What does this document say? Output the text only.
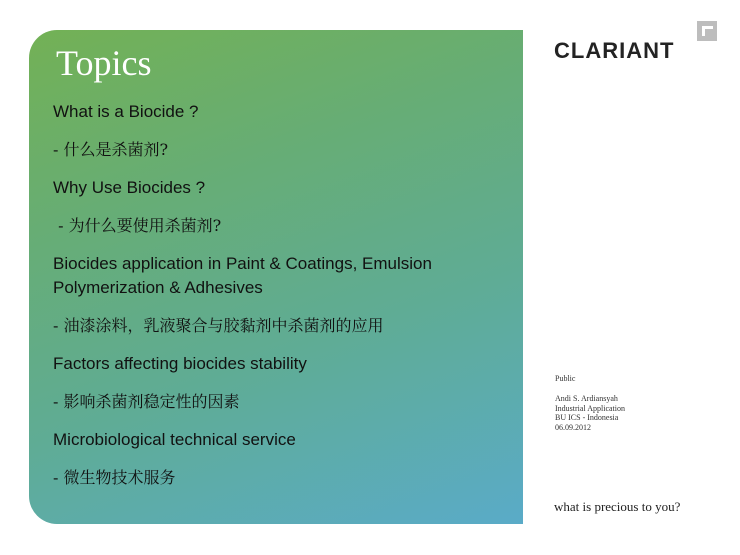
Topics

What is a Biocide ?

- 什么是杀菌剂?

Why Use Biocides ?

- 为什么要使用杀菌剂?

Biocides application in Paint & Coatings, Emulsion

Polymerization & Adhesives

- 油漆涂料，乳液聚合与胶黏剂中杀菌剂的应用

Factors affecting biocides stability

- 影响杀菌剂稳定性的因素

Microbiological technical service

- 微生物技术服务

CLARIANT
Public
Andi S. Ardiansyah
Industrial Application
BU ICS - Indonesia
06.09.2012
what is precious to you?
